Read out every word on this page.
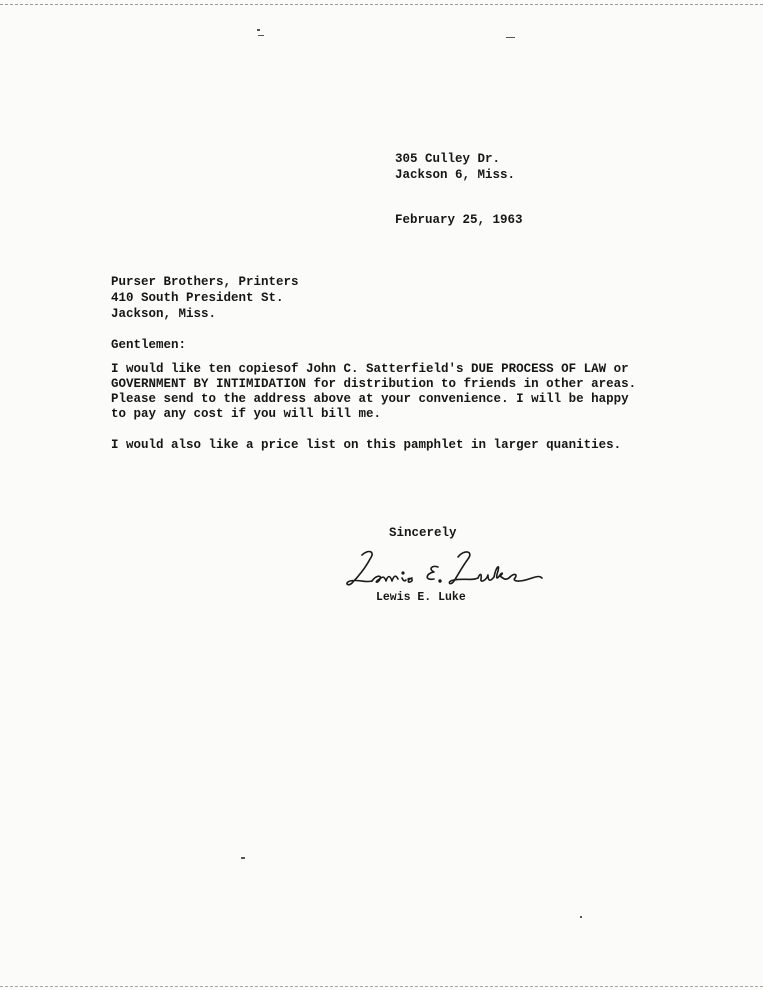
305 Culley Dr.
Jackson 6, Miss.
February 25, 1963
Purser Brothers, Printers
410 South President St.
Jackson, Miss.
Gentlemen:
I would like ten copiesof John C. Satterfield's DUE PROCESS OF LAW or
GOVERNMENT BY INTIMIDATION for distribution to friends in other areas.
Please send to the address above at your convenience. I will be happy
to pay any cost if you will bill me.
I would also like a price list on this pamphlet in larger quanities.
Sincerely
Lewis E. Luke
